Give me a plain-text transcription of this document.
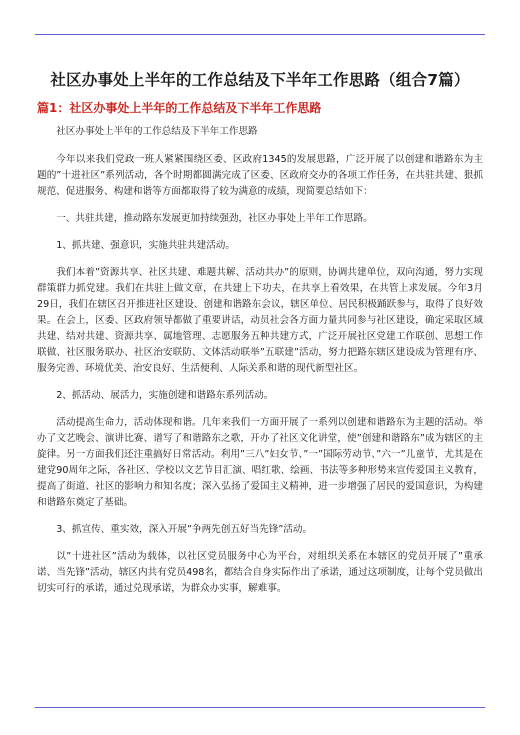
社区办事处上半年的工作总结及下半年工作思路（组合7篇）
篇1：社区办事处上半年的工作总结及下半年工作思路

社区办事处上半年的工作总结及下半年工作思路

今年以来我们党政一班人紧紧围绕区委、区政府1345的发展思路，广泛开展了以创建和谐路东为主题的”十进社区”系列活动，各个时期都圆满完成了区委、区政府交办的各项工作任务，在共驻共建、狠抓规范、促进服务、构建和谐等方面都取得了较为满意的成绩，现简要总结如下：

一、共驻共建，推动路东发展更加持续强劲，社区办事处上半年工作思路。

1、抓共建、强意识，实施共驻共建活动。

我们本着”资源共享、社区共建、难题共解、活动共办”的原则，协调共建单位，双向沟通，努力实现群策群力抓党建。我们在共驻上做文章，在共建上下功夫，在共享上看效果，在共管上求发展。今年3月29日，我们在辖区召开推进社区建设、创建和谐路东会议，辖区单位、居民积极踊跃参与，取得了良好效果。在会上，区委、区政府领导都做了重要讲话，动员社会各方面力量共同参与社区建设，确定采取区域共建、结对共建、资源共享、属地管理、志愿服务五种共建方式，广泛开展社区党建工作联创、思想工作联做、社区服务联办、社区治安联防、文体活动联举”五联建”活动，努力把路东辖区建设成为管理有序、服务完善、环境优美、治安良好、生活便利、人际关系和谐的现代新型社区。

2、抓活动、展活力，实施创建和谐路东系列活动。

活动提高生命力，活动体现和谐。几年来我们一方面开展了一系列以创建和谐路东为主题的活动。举办了文艺晚会、演讲比赛、谱写了和谐路东之歌，开办了社区文化讲堂，使”创建和谐路东”成为辖区的主旋律。另一方面我们还注重搞好日常活动。利用”三八”妇女节、”一”国际劳动节、”六一”儿童节，尤其是在建党90周年之际，各社区、学校以文艺节目汇演、唱红歌、绘画、书法等多种形势来宣传爱国主义教育，提高了街道、社区的影响力和知名度；深入弘扬了爱国主义精神，进一步增强了居民的爱国意识，为构建和谐路东奠定了基础。

3、抓宣传、重实效，深入开展”争两先创五好当先锋”活动。

以”十进社区”活动为载体，以社区党员服务中心为平台，对组织关系在本辖区的党员开展了”重承诺、当先锋”活动，辖区内共有党员498名，都结合自身实际作出了承诺，通过这项制度，让每个党员做出切实可行的承诺，通过兑现承诺，为群众办实事，解难事。
